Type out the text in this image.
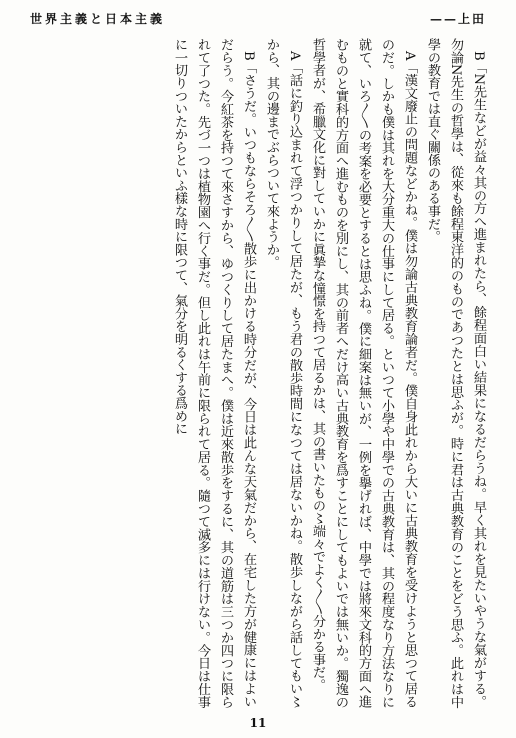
世界主義と日本主義	——上田

B「N先生などが益々其の方へ進まれたら、餘程面白い結果になるだらうね。早く其れを見たいやうな氣がする。勿論N先生の哲學は、從來も餘程東洋的のものであつたとは思ふが。時に君は古典教育のことをどう思ふ。此れは中學の教育では直ぐ關係のある事だ。

A「漢文廢止の問題などかね。僕は勿論古典教育論者だ。僕自身此れから大いに古典教育を受けようと思つて居るのだ。しかも僕は其れを大分重大の仕事にして居る。といつて小學や中學での古典教育は、其の程度なり方法なりに就て、いろ〳〵の考案を必要とするとは思ふね。僕に細案は無いが、一例を擧げれば、中學では將來文科的方面へ進むものと實科的方面へ進むものを別にし、其の前者へだけ高い古典教育を爲すことにしてもよいでは無いか。獨逸の哲學者が、希臘文化に對していかに眞摯な憧憬を持つて居るかは、其の書いたもの〻端々でよく〳〵分かる事だ。

A「話に釣り込まれて浮つかりして居たが、もう君の散歩時間になつては居ないかね。散歩しながら話してもい〻から、其の邊までぶらついて來ようか。

B「さうだ。いつもならそろ〳〵散歩に出かける時分だが、今日は此んな天氣だから、在宅した方が健康にはよいだらう。今紅茶を持つて來さすから、ゆつくりして居たまへ。僕は近來散歩をするに、其の道筋は三つか四つに限られて了つた。先づ一つは植物園へ行く事だ。但し此れは午前に限られて居る。隨つて滅多には行けない。今日は仕事に一切りついたからといふ樣な時に限つて、氣分を明るくする爲めに

11
